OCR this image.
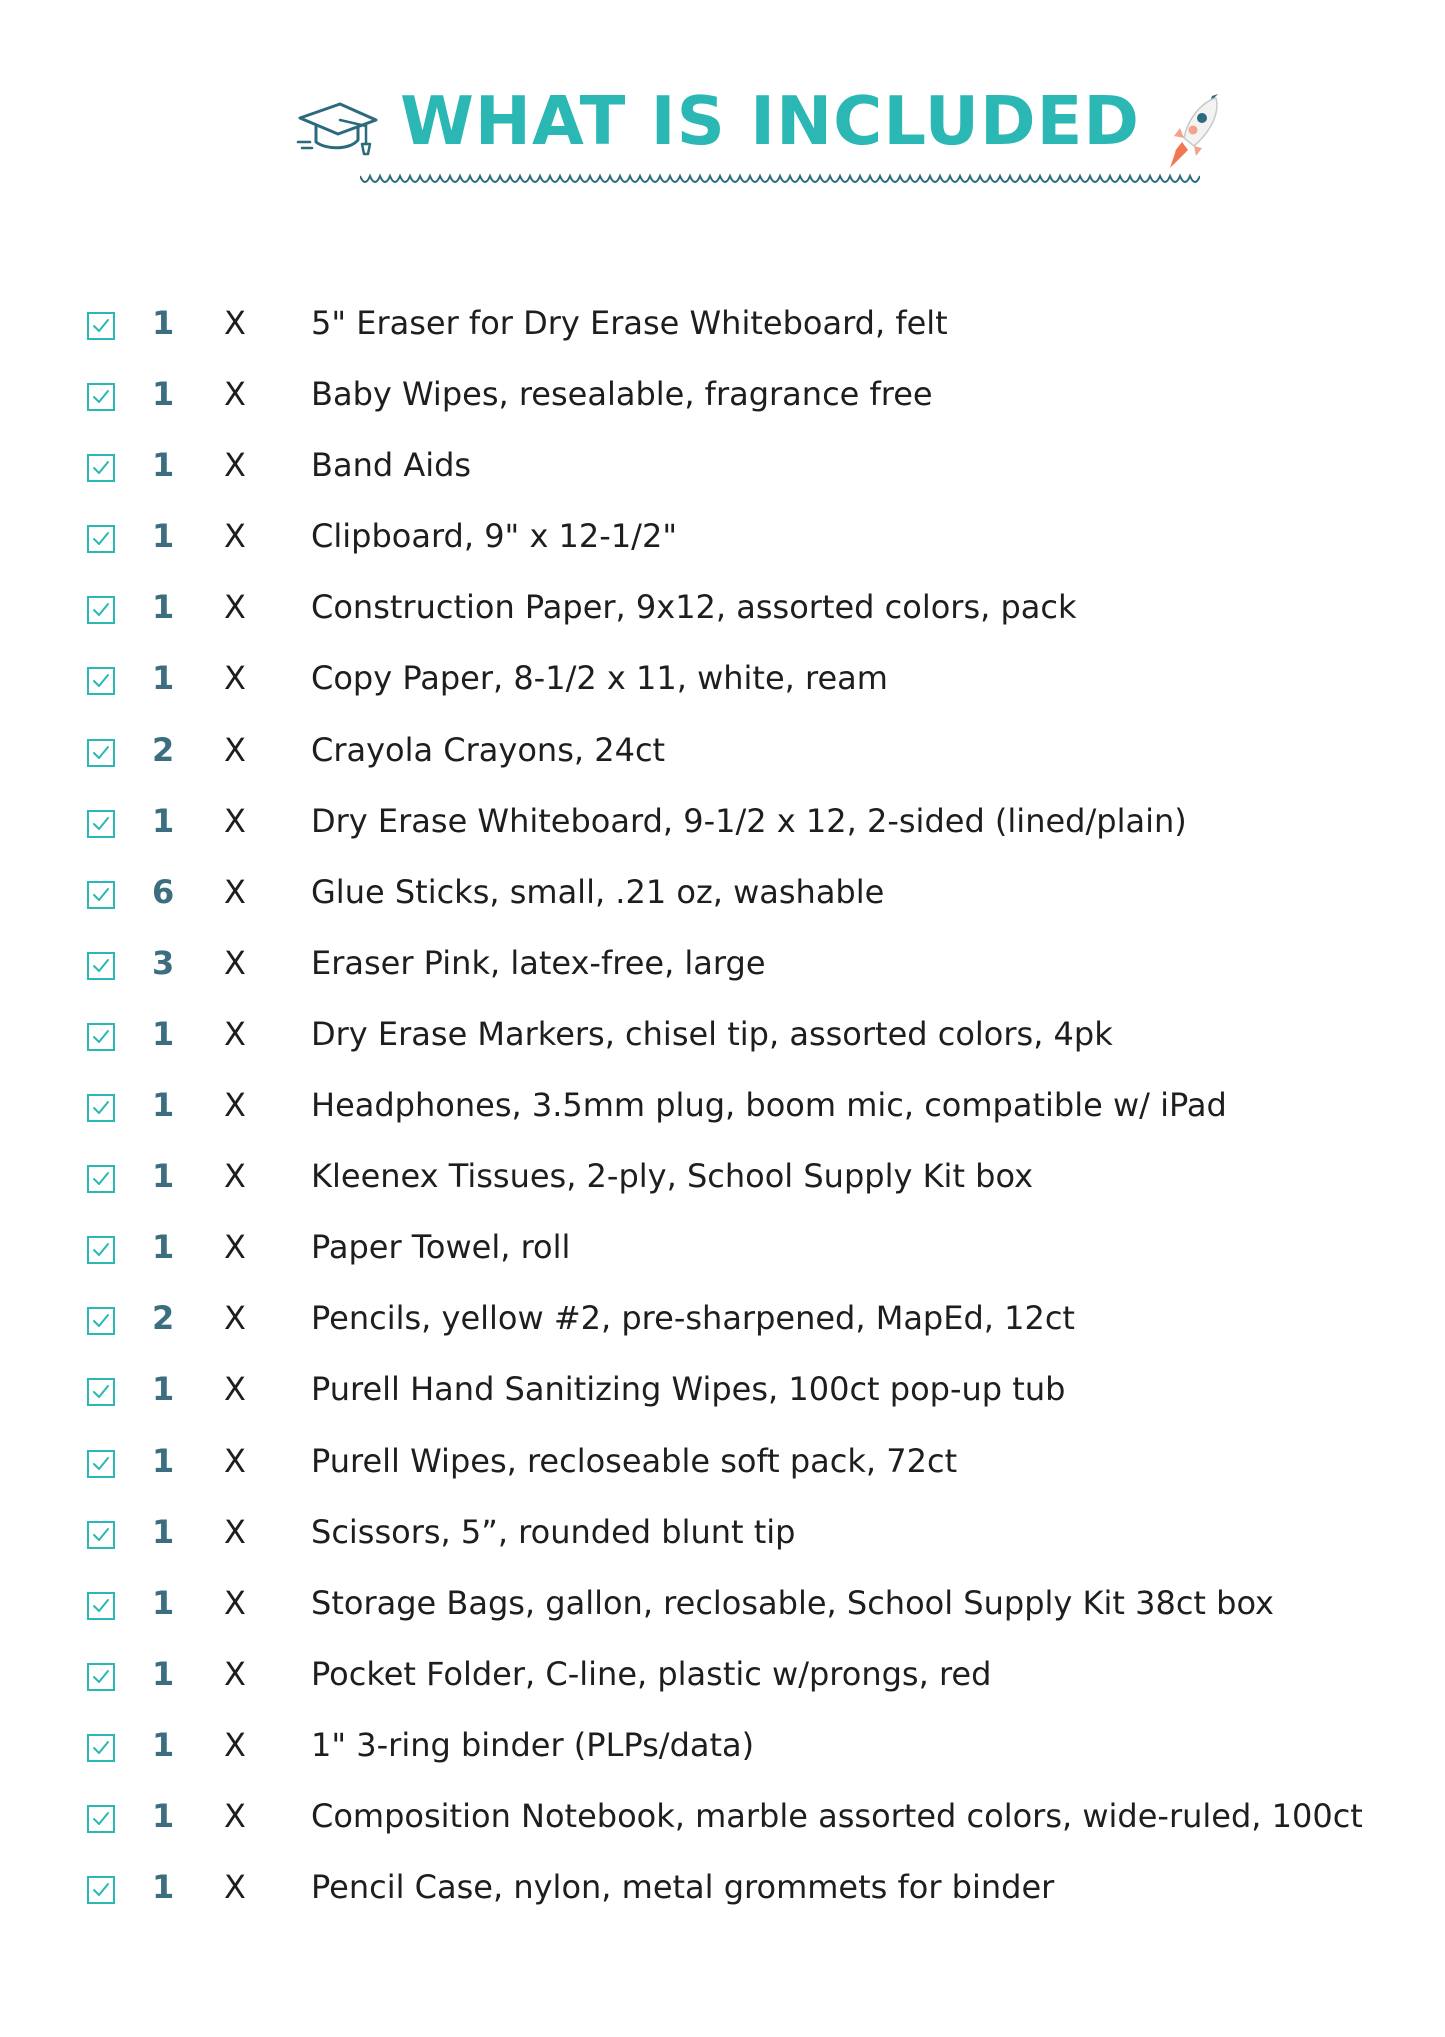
WHAT IS INCLUDED
1 X 5" Eraser for Dry Erase Whiteboard, felt
1 X Baby Wipes, resealable, fragrance free
1 X Band Aids
1 X Clipboard, 9" x 12-1/2"
1 X Construction Paper, 9x12, assorted colors, pack
1 X Copy Paper, 8-1/2 x 11, white, ream
2 X Crayola Crayons, 24ct
1 X Dry Erase Whiteboard, 9-1/2 x 12, 2-sided (lined/plain)
6 X Glue Sticks, small, .21 oz, washable
3 X Eraser Pink, latex-free, large
1 X Dry Erase Markers, chisel tip, assorted colors, 4pk
1 X Headphones, 3.5mm plug, boom mic, compatible w/ iPad
1 X Kleenex Tissues, 2-ply, School Supply Kit box
1 X Paper Towel, roll
2 X Pencils, yellow #2, pre-sharpened, MapEd, 12ct
1 X Purell Hand Sanitizing Wipes, 100ct pop-up tub
1 X Purell Wipes, recloseable soft pack, 72ct
1 X Scissors, 5”, rounded blunt tip
1 X Storage Bags, gallon, reclosable, School Supply Kit 38ct box
1 X Pocket Folder, C-line, plastic w/prongs, red
1 X 1" 3-ring binder (PLPs/data)
1 X Composition Notebook, marble assorted colors, wide-ruled, 100ct
1 X Pencil Case, nylon, metal grommets for binder
